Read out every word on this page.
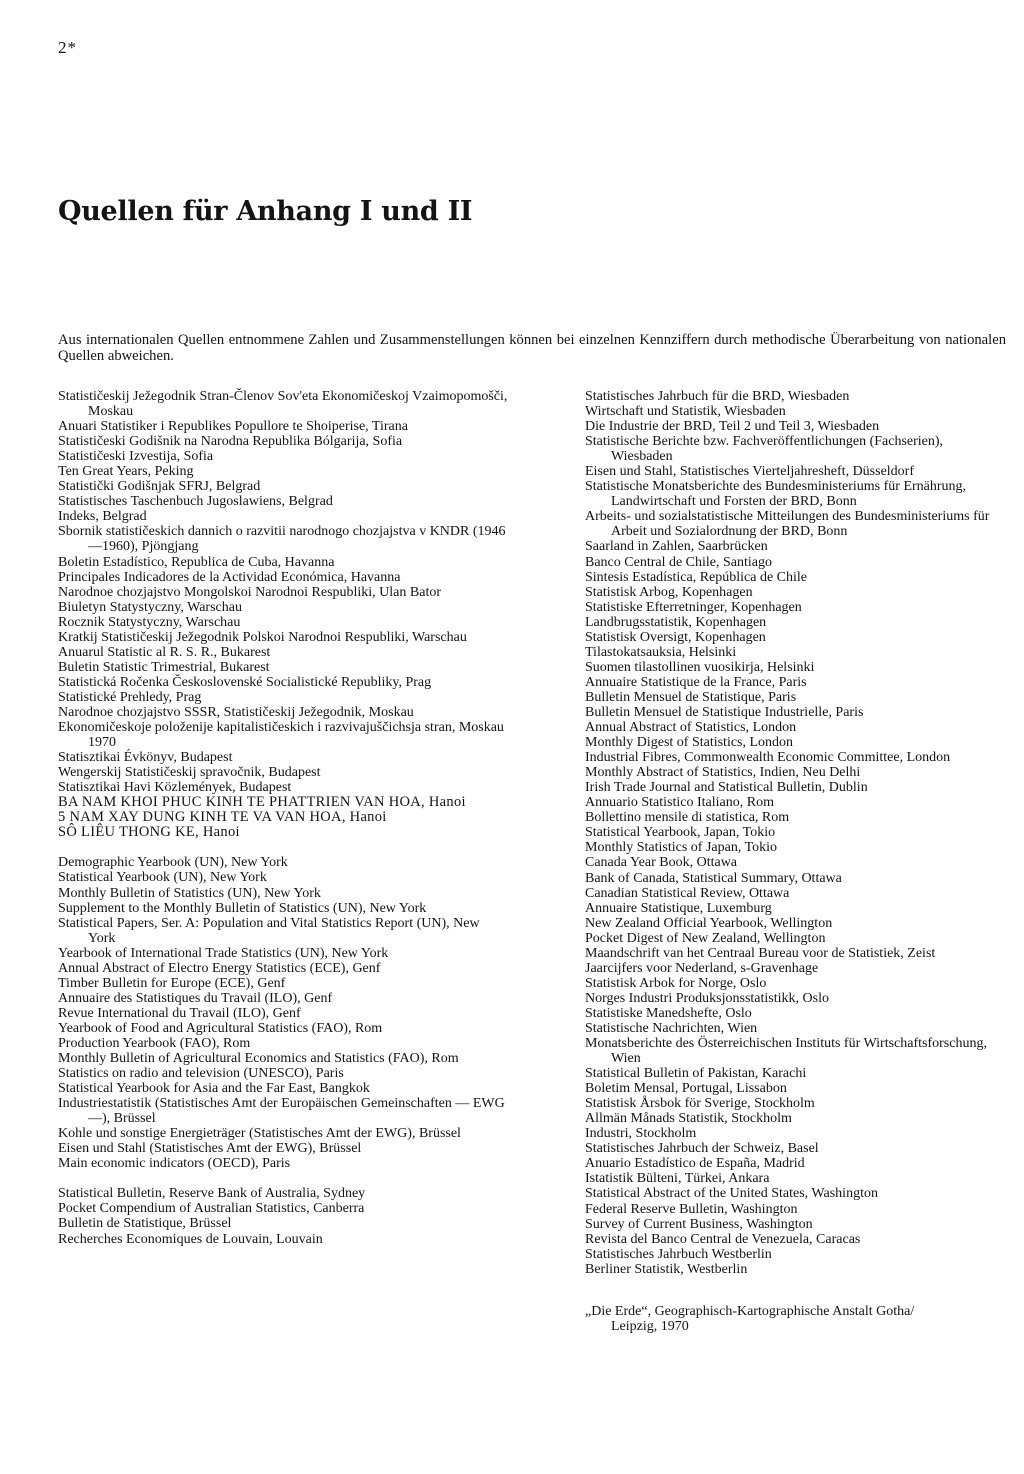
2*
Quellen für Anhang I und II

Aus internationalen Quellen entnommene Zahlen und Zusammenstellungen können bei einzelnen Kennziffern durch methodische Überarbeitung von nationalen Quellen abweichen.

Statističeskij Ježegodnik Stran-Členov Sov'eta Ekonomičeskoj Vzaimopomošči, Moskau
Anuari Statistiker i Republikes Popullore te Shoiperise, Tirana
Statističeski Godišnik na Narodna Republika Bólgarija, Sofia
Statističeski Izvestija, Sofia
Ten Great Years, Peking
Statistički Godišnjak SFRJ, Belgrad
Statistisches Taschenbuch Jugoslawiens, Belgrad
Indeks, Belgrad
Sbornik statističeskich dannich o razvitii narodnogo chozjajstva v KNDR (1946—1960), Pjöngjang
Boletin Estadístico, Republica de Cuba, Havanna
Principales Indicadores de la Actividad Económica, Havanna
Narodnoe chozjajstvo Mongolskoi Narodnoi Respubliki, Ulan Bator
Biuletyn Statystyczny, Warschau
Rocznik Statystyczny, Warschau
Kratkij Statističeskij Ježegodnik Polskoi Narodnoi Respubliki, Warschau
Anuarul Statistic al R. S. R., Bukarest
Buletin Statistic Trimestrial, Bukarest
Statistická Ročenka Československé Socialistické Republiky, Prag
Statistické Prehledy, Prag
Narodnoe chozjajstvo SSSR, Statističeskij Ježegodnik, Moskau
Ekonomičeskoje položenije kapitalističeskich i razvivajuščichsja stran, Moskau 1970
Statisztikai Évkönyv, Budapest
Wengerskij Statističeskij spravočnik, Budapest
Statisztikai Havi Közlemények, Budapest
BA NAM KHOI PHUC KINH TE PHATTRIEN VAN HOA, Hanoi
5 NAM XAY DUNG KINH TE VA VAN HOA, Hanoi
SÔ LIÊU THONG KE, Hanoi
Demographic Yearbook (UN), New York
Statistical Yearbook (UN), New York
Monthly Bulletin of Statistics (UN), New York
Supplement to the Monthly Bulletin of Statistics (UN), New York
Statistical Papers, Ser. A: Population and Vital Statistics Report (UN), New York
Yearbook of International Trade Statistics (UN), New York
Annual Abstract of Electro Energy Statistics (ECE), Genf
Timber Bulletin for Europe (ECE), Genf
Annuaire des Statistiques du Travail (ILO), Genf
Revue International du Travail (ILO), Genf
Yearbook of Food and Agricultural Statistics (FAO), Rom
Production Yearbook (FAO), Rom
Monthly Bulletin of Agricultural Economics and Statistics (FAO), Rom
Statistics on radio and television (UNESCO), Paris
Statistical Yearbook for Asia and the Far East, Bangkok
Industriestatistik (Statistisches Amt der Europäischen Gemeinschaften — EWG —), Brüssel
Kohle und sonstige Energieträger (Statistisches Amt der EWG), Brüssel
Eisen und Stahl (Statistisches Amt der EWG), Brüssel
Main economic indicators (OECD), Paris
Statistical Bulletin, Reserve Bank of Australia, Sydney
Pocket Compendium of Australian Statistics, Canberra
Bulletin de Statistique, Brüssel
Recherches Economiques de Louvain, Louvain
Statistisches Jahrbuch für die BRD, Wiesbaden
Wirtschaft und Statistik, Wiesbaden
Die Industrie der BRD, Teil 2 und Teil 3, Wiesbaden
Statistische Berichte bzw. Fachveröffentlichungen (Fachserien), Wiesbaden
Eisen und Stahl, Statistisches Vierteljahresheft, Düsseldorf
Statistische Monatsberichte des Bundesministeriums für Ernährung, Landwirtschaft und Forsten der BRD, Bonn
Arbeits- und sozialstatistische Mitteilungen des Bundesministeriums für Arbeit und Sozialordnung der BRD, Bonn
Saarland in Zahlen, Saarbrücken
Banco Central de Chile, Santiago
Sintesis Estadística, República de Chile
Statistisk Arbog, Kopenhagen
Statistiske Efterretninger, Kopenhagen
Landbrugsstatistik, Kopenhagen
Statistisk Oversigt, Kopenhagen
Tilastokatsauksia, Helsinki
Suomen tilastollinen vuosikirja, Helsinki
Annuaire Statistique de la France, Paris
Bulletin Mensuel de Statistique, Paris
Bulletin Mensuel de Statistique Industrielle, Paris
Annual Abstract of Statistics, London
Monthly Digest of Statistics, London
Industrial Fibres, Commonwealth Economic Committee, London
Monthly Abstract of Statistics, Indien, Neu Delhi
Irish Trade Journal and Statistical Bulletin, Dublin
Annuario Statistico Italiano, Rom
Bollettino mensile di statistica, Rom
Statistical Yearbook, Japan, Tokio
Monthly Statistics of Japan, Tokio
Canada Year Book, Ottawa
Bank of Canada, Statistical Summary, Ottawa
Canadian Statistical Review, Ottawa
Annuaire Statistique, Luxemburg
New Zealand Official Yearbook, Wellington
Pocket Digest of New Zealand, Wellington
Maandschrift van het Centraal Bureau voor de Statistiek, Zeist
Jaarcijfers voor Nederland, s-Gravenhage
Statistisk Arbok for Norge, Oslo
Norges Industri Produksjonsstatistikk, Oslo
Statistiske Manedshefte, Oslo
Statistische Nachrichten, Wien
Monatsberichte des Österreichischen Instituts für Wirtschaftsforschung, Wien
Statistical Bulletin of Pakistan, Karachi
Boletim Mensal, Portugal, Lissabon
Statistisk Årsbok för Sverige, Stockholm
Allmän Månads Statistik, Stockholm
Industri, Stockholm
Statistisches Jahrbuch der Schweiz, Basel
Anuario Estadístico de España, Madrid
Istatistik Bülteni, Türkei, Ankara
Statistical Abstract of the United States, Washington
Federal Reserve Bulletin, Washington
Survey of Current Business, Washington
Revista del Banco Central de Venezuela, Caracas
Statistisches Jahrbuch Westberlin
Berliner Statistik, Westberlin

„Die Erde“, Geographisch-Kartographische Anstalt Gotha/
Leipzig, 1970
